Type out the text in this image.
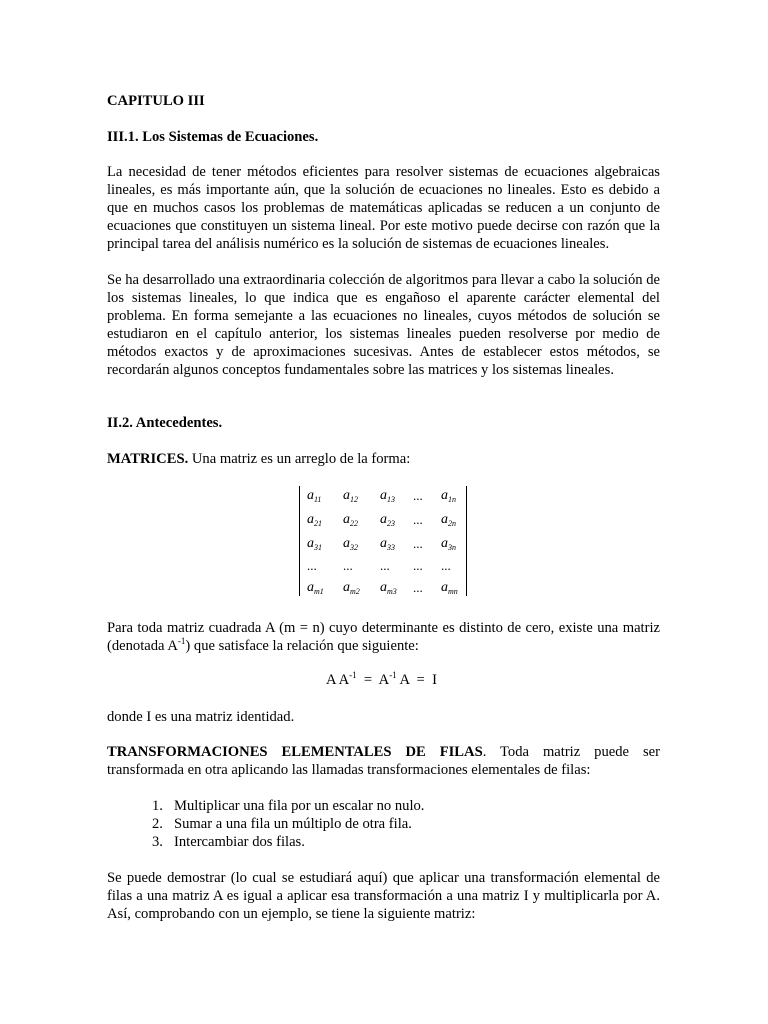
CAPITULO III
III.1. Los Sistemas de Ecuaciones.
La necesidad de tener métodos eficientes para resolver sistemas de ecuaciones algebraicas lineales, es más importante aún, que la solución de ecuaciones no lineales. Esto es debido a que en muchos casos los problemas de matemáticas aplicadas se reducen a un conjunto de ecuaciones que constituyen un sistema lineal. Por este motivo puede decirse con razón que la principal tarea del análisis numérico es la solución de sistemas de ecuaciones lineales.
Se ha desarrollado una extraordinaria colección de algoritmos para llevar a cabo la solución de los sistemas lineales, lo que indica que es engañoso el aparente carácter elemental del problema. En forma semejante a las ecuaciones no lineales, cuyos métodos de solución se estudiaron en el capítulo anterior, los sistemas lineales pueden resolverse por medio de métodos exactos y de aproximaciones sucesivas. Antes de establecer estos métodos, se recordarán algunos conceptos fundamentales sobre las matrices y los sistemas lineales.
II.2. Antecedentes.
MATRICES. Una matriz es un arreglo de la forma:
$a_{11}$ $a_{12}$ $a_{13}$ ... $a_{1n}$
$a_{21}$ $a_{22}$ $a_{23}$ ... $a_{2n}$
$a_{31}$ $a_{32}$ $a_{33}$ ... $a_{3n}$
... ... ... ... ...
$a_{m1}$ $a_{m2}$ $a_{m3}$ ... $a_{mn}$
Para toda matriz cuadrada A (m = n) cuyo determinante es distinto de cero, existe una matriz (denotada $A^{-1}$) que satisface la relación que siguiente:
A $A^{-1} = A^{-1}$ A  =  I
donde I es una matriz identidad.
TRANSFORMACIONES ELEMENTALES DE FILAS. Toda matriz puede ser transformada en otra aplicando las llamadas transformaciones elementales de filas:
1. Multiplicar una fila por un escalar no nulo.
2. Sumar a una fila un múltiplo de otra fila.
3. Intercambiar dos filas.
Se puede demostrar (lo cual se estudiará aquí) que aplicar una transformación elemental de filas a una matriz A es igual a aplicar esa transformación a una matriz I y multiplicarla por A. Así, comprobando con un ejemplo, se tiene la siguiente matriz:
